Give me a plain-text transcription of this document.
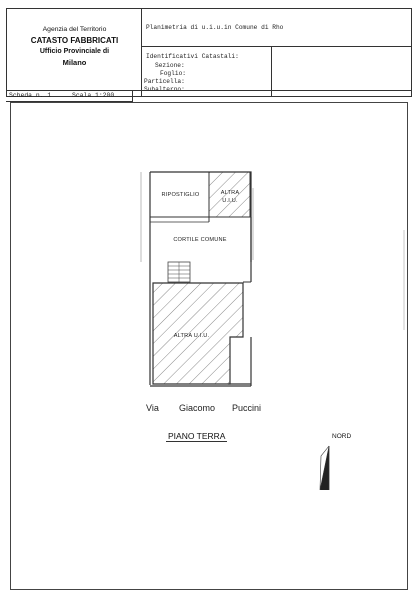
Agenzia del Territorio
CATASTO FABBRICATI
Ufficio Provinciale di
Milano
Planimetria di u.i.u.in Comune di Rho
Identificativi Catastali:
Sezione:
Foglio:
Particella:
Scheda n. 1	Scala 1:200
RIPOSTIGLIO	ALTRA
U.I.U.
CORTILE COMUNE
ALTRA U.I.U.
Via Giacomo Puccini
PIANO TERRA	NORD
